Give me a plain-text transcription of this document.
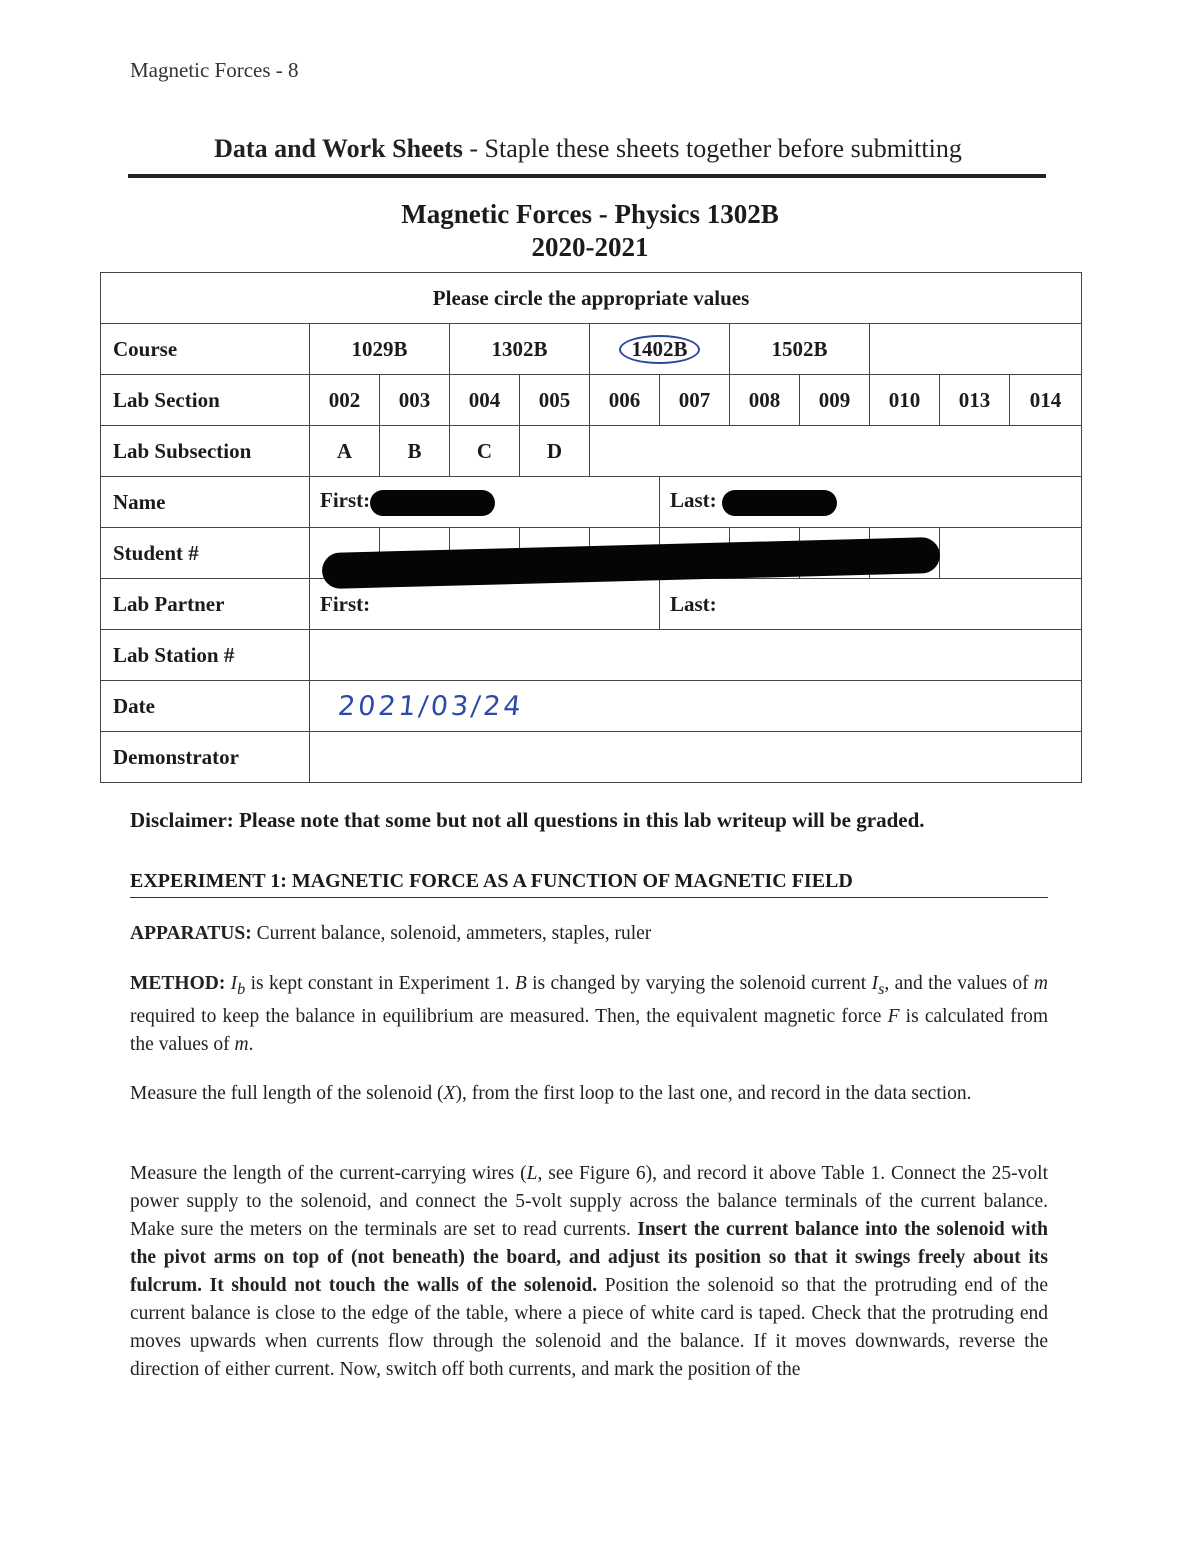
Magnetic Forces - 8
Data and Work Sheets - Staple these sheets together before submitting
Magnetic Forces - Physics 1302B
2020-2021
Please circle the appropriate values											
Course	1029B		1302B		1402B		1502B				
Lab Section	002	003	004	005	006	007	008	009	010	013	014
Lab Subsection	A	B	C	D							
Name	First:					Last:					
Student #											
Lab Partner	First:					Last:					
Lab Station #											
Date	2021/03/24										
Demonstrator											
Disclaimer: Please note that some but not all questions in this lab writeup will be graded.
EXPERIMENT 1: MAGNETIC FORCE AS A FUNCTION OF MAGNETIC FIELD
APPARATUS: Current balance, solenoid, ammeters, staples, ruler
METHOD: $I_b$ is kept constant in Experiment 1. B is changed by varying the solenoid current $I_s$, and the values of m required to keep the balance in equilibrium are measured. Then, the equivalent magnetic force F is calculated from the values of m.
Measure the full length of the solenoid (X), from the first loop to the last one, and record in the data section.
Measure the length of the current-carrying wires (L, see Figure 6), and record it above Table 1. Connect the 25-volt power supply to the solenoid, and connect the 5-volt supply across the balance terminals of the current balance. Make sure the meters on the terminals are set to read currents. Insert the current balance into the solenoid with the pivot arms on top of (not beneath) the board, and adjust its position so that it swings freely about its fulcrum. It should not touch the walls of the solenoid. Position the solenoid so that the protruding end of the current balance is close to the edge of the table, where a piece of white card is taped. Check that the protruding end moves upwards when currents flow through the solenoid and the balance. If it moves downwards, reverse the direction of either current. Now, switch off both currents, and mark the position of the
